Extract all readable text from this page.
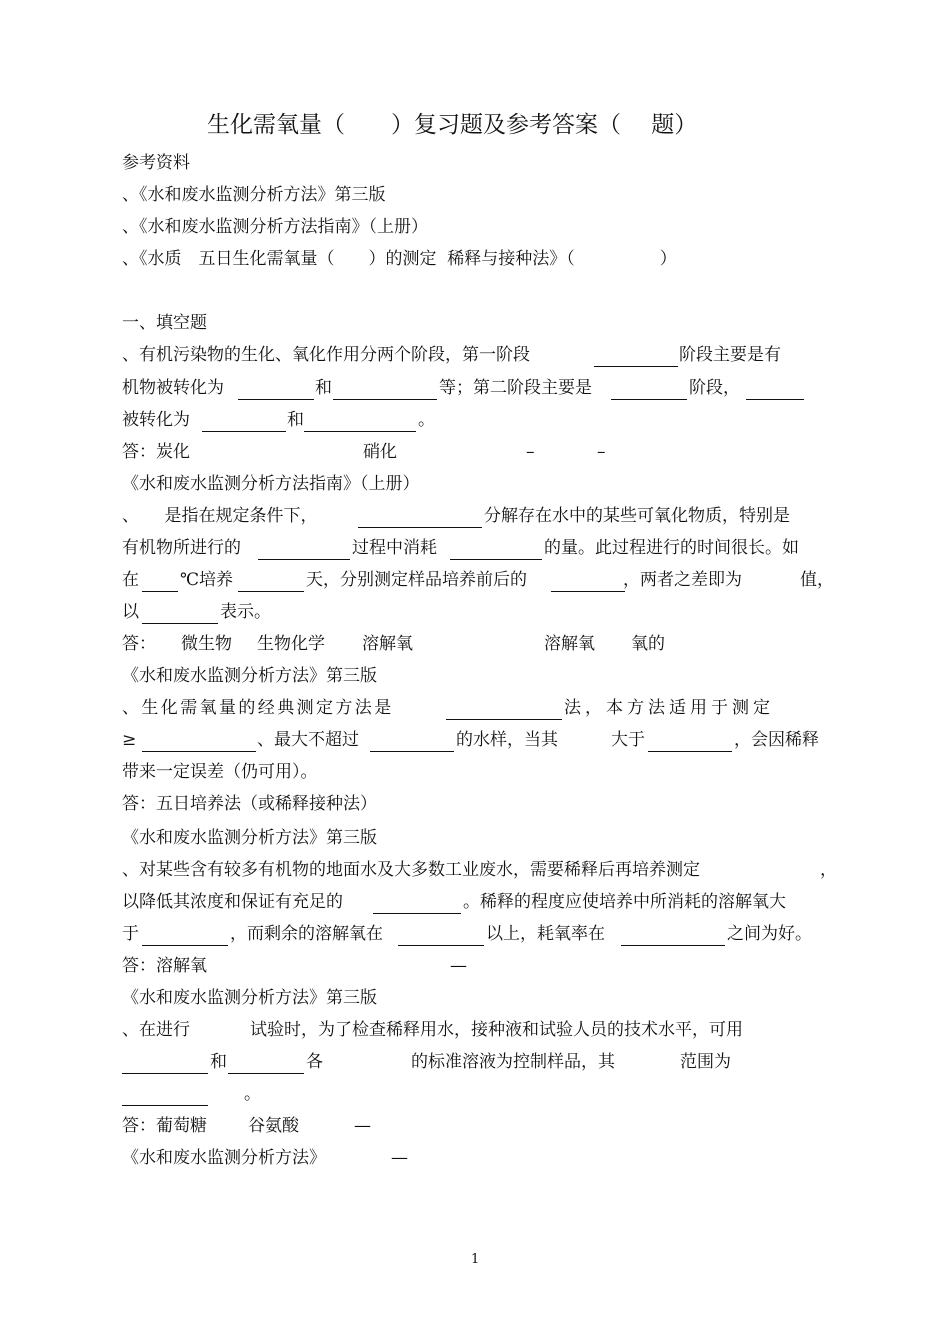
生化需氧量（　　）复习题及参考答案（　 题）
参考资料
、《水和废水监测分析方法》第三版
、《水和废水监测分析方法指南》（上册）
、《水质　五日生化需氧量（　　）的测定  稀释与接种法》（　　　　　）
一、填空题
、有机污染物的生化、氧化作用分两个阶段，第一阶段	阶段主要是有
机物被转化为	和	等；第二阶段主要是	阶段，
被转化为	和	。
答：炭化	硝化	–	–
《水和废水监测分析方法指南》（上册）
、　　是指在规定条件下，	分解存在水中的某些可氧化物质，特别是
有机物所进行的	过程中消耗	的量。此过程进行的时间很长。如
在 ℃培养	天，分别测定样品培养前后的	，两者之差即为	值，
以	表示。
答： 微生物 生物化学 溶解氧	溶解氧 氧的
《水和废水监测分析方法》第三版
、生化需氧量的经典测定方法是	法，本方法适用于测定
≥	、最大不超过	的水样，当其	大于	，会因稀释
带来一定误差（仍可用）。
答：五日培养法（或稀释接种法）
《水和废水监测分析方法》第三版
、对某些含有较多有机物的地面水及大多数工业废水，需要稀释后再培养测定	，
以降低其浓度和保证有充足的	。稀释的程度应使培养中所消耗的溶解氧大
于	，而剩余的溶解氧在	以上，耗氧率在	之间为好。
答：溶解氧	—
《水和废水监测分析方法》第三版
、在进行	试验时，为了检查稀释用水，接种液和试验人员的技术水平，可用
和	各	的标准溶液为控制样品，其	范围为
。
答：葡萄糖 谷氨酸	—
《水和废水监测分析方法》	—
1
